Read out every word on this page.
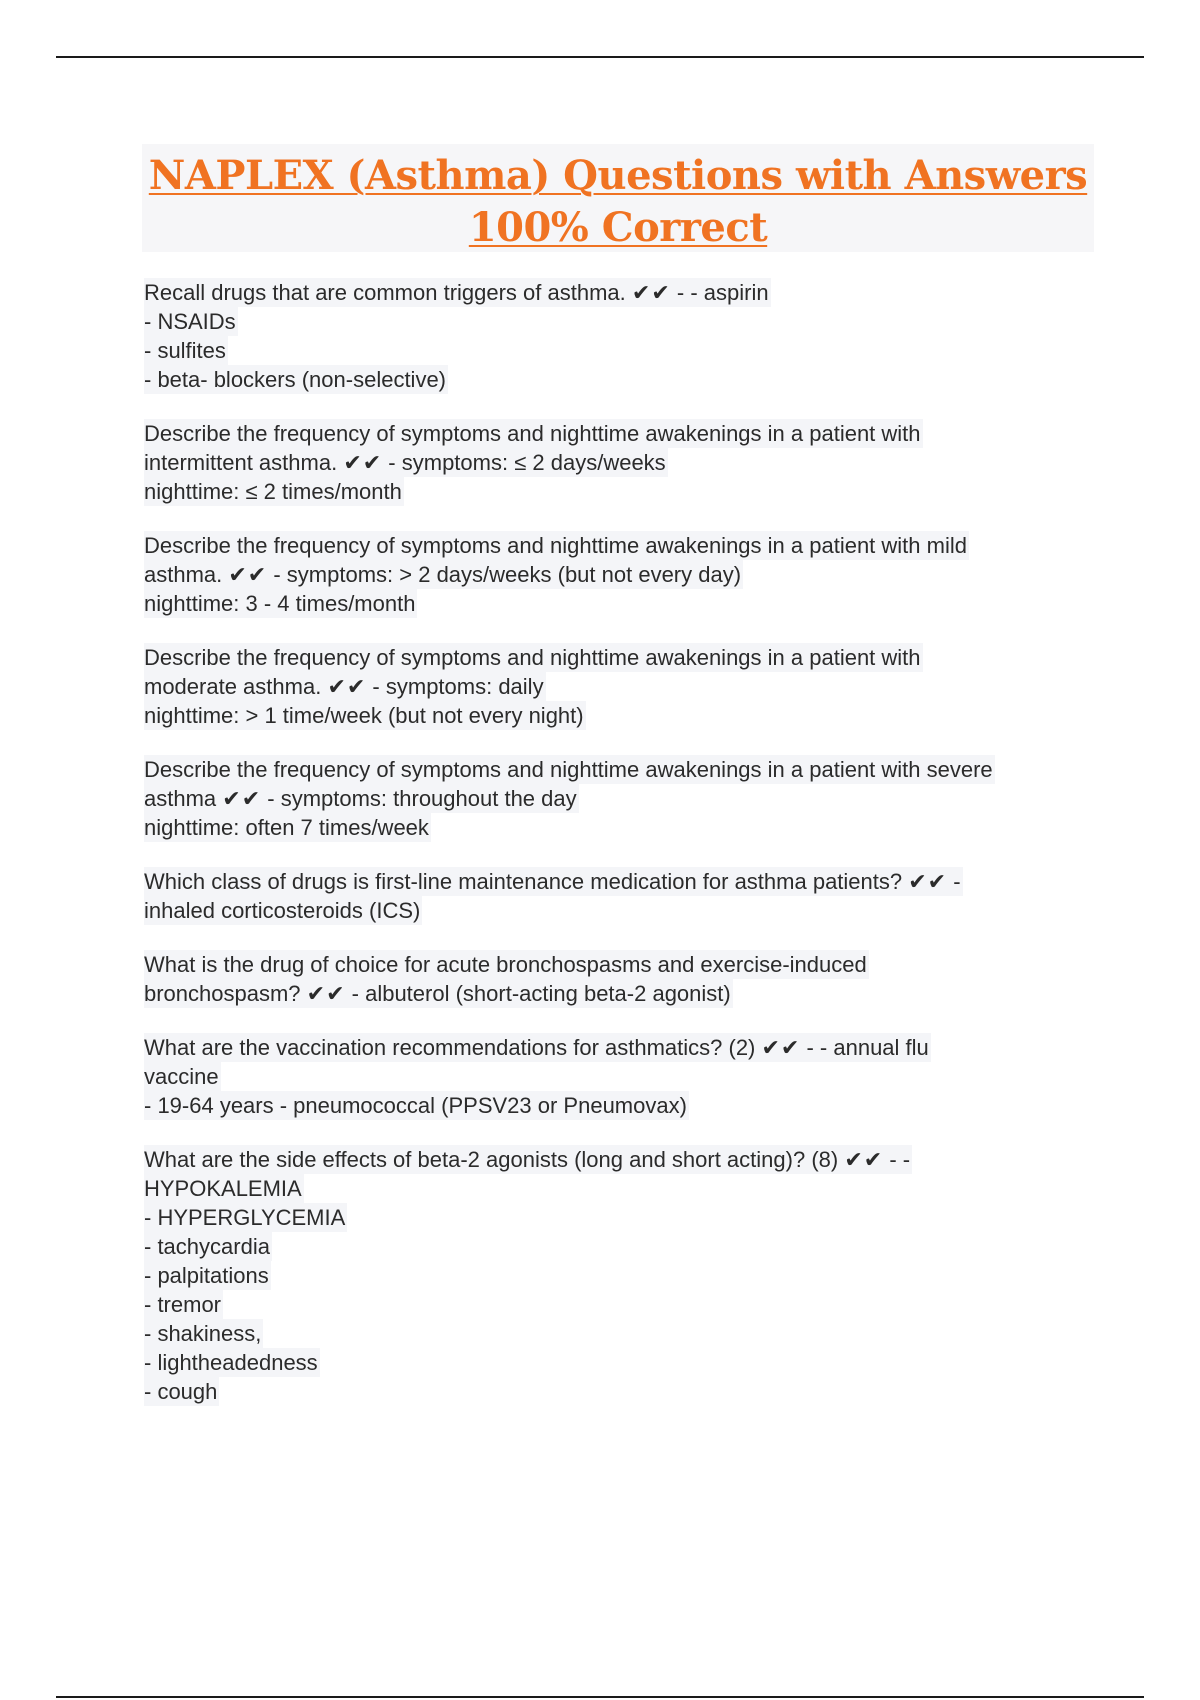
NAPLEX (Asthma) Questions with Answers
100% Correct
Recall drugs that are common triggers of asthma. ✔✔ - - aspirin
- NSAIDs
- sulfites
- beta- blockers (non-selective)
Describe the frequency of symptoms and nighttime awakenings in a patient with
intermittent asthma. ✔✔ - symptoms: ≤ 2 days/weeks
nighttime: ≤ 2 times/month
Describe the frequency of symptoms and nighttime awakenings in a patient with mild
asthma. ✔✔ - symptoms: > 2 days/weeks (but not every day)
nighttime: 3 - 4 times/month
Describe the frequency of symptoms and nighttime awakenings in a patient with
moderate asthma. ✔✔ - symptoms: daily
nighttime: > 1 time/week (but not every night)
Describe the frequency of symptoms and nighttime awakenings in a patient with severe
asthma ✔✔ - symptoms: throughout the day
nighttime: often 7 times/week
Which class of drugs is first-line maintenance medication for asthma patients? ✔✔ -
inhaled corticosteroids (ICS)
What is the drug of choice for acute bronchospasms and exercise-induced
bronchospasm? ✔✔ - albuterol (short-acting beta-2 agonist)
What are the vaccination recommendations for asthmatics? (2) ✔✔ - - annual flu
vaccine
- 19-64 years - pneumococcal (PPSV23 or Pneumovax)
What are the side effects of beta-2 agonists (long and short acting)? (8) ✔✔ - -
HYPOKALEMIA
- HYPERGLYCEMIA
- tachycardia
- palpitations
- tremor
- shakiness,
- lightheadedness
- cough
